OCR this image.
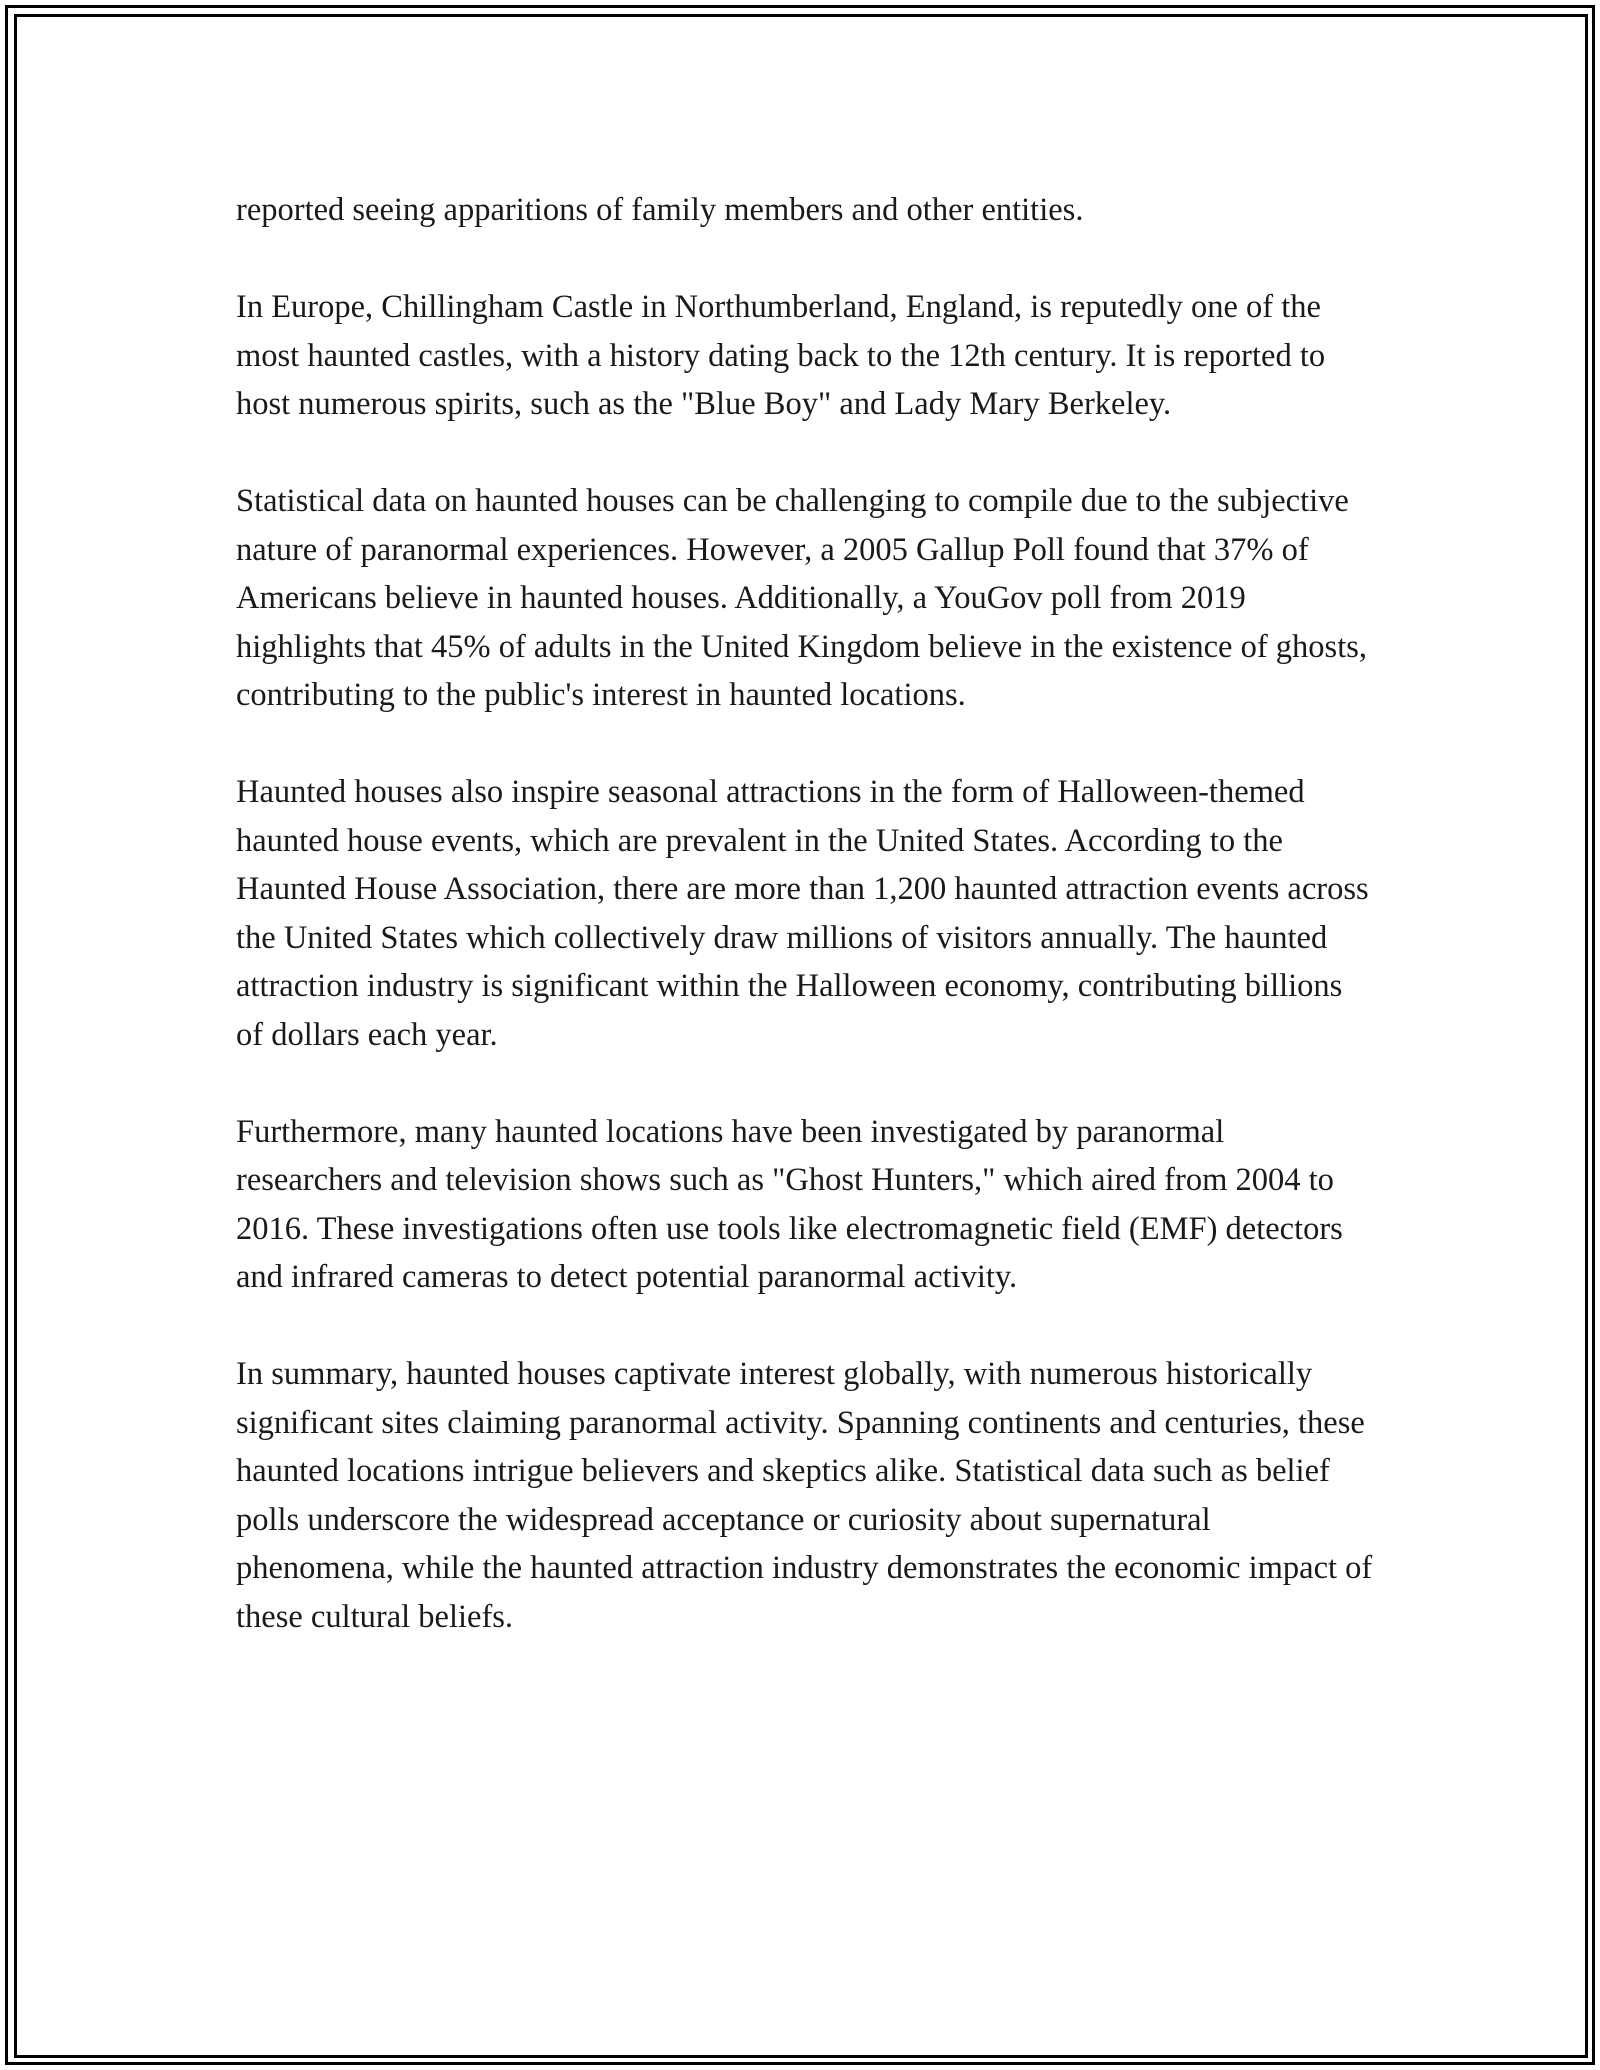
reported seeing apparitions of family members and other entities.

In Europe, Chillingham Castle in Northumberland, England, is reputedly one of the most haunted castles, with a history dating back to the 12th century. It is reported to host numerous spirits, such as the "Blue Boy" and Lady Mary Berkeley.

Statistical data on haunted houses can be challenging to compile due to the subjective nature of paranormal experiences. However, a 2005 Gallup Poll found that 37% of Americans believe in haunted houses. Additionally, a YouGov poll from 2019 highlights that 45% of adults in the United Kingdom believe in the existence of ghosts, contributing to the public's interest in haunted locations.

Haunted houses also inspire seasonal attractions in the form of Halloween-themed haunted house events, which are prevalent in the United States. According to the Haunted House Association, there are more than 1,200 haunted attraction events across the United States which collectively draw millions of visitors annually. The haunted attraction industry is significant within the Halloween economy, contributing billions of dollars each year.

Furthermore, many haunted locations have been investigated by paranormal researchers and television shows such as "Ghost Hunters," which aired from 2004 to 2016. These investigations often use tools like electromagnetic field (EMF) detectors and infrared cameras to detect potential paranormal activity.

In summary, haunted houses captivate interest globally, with numerous historically significant sites claiming paranormal activity. Spanning continents and centuries, these haunted locations intrigue believers and skeptics alike. Statistical data such as belief polls underscore the widespread acceptance or curiosity about supernatural phenomena, while the haunted attraction industry demonstrates the economic impact of these cultural beliefs.
